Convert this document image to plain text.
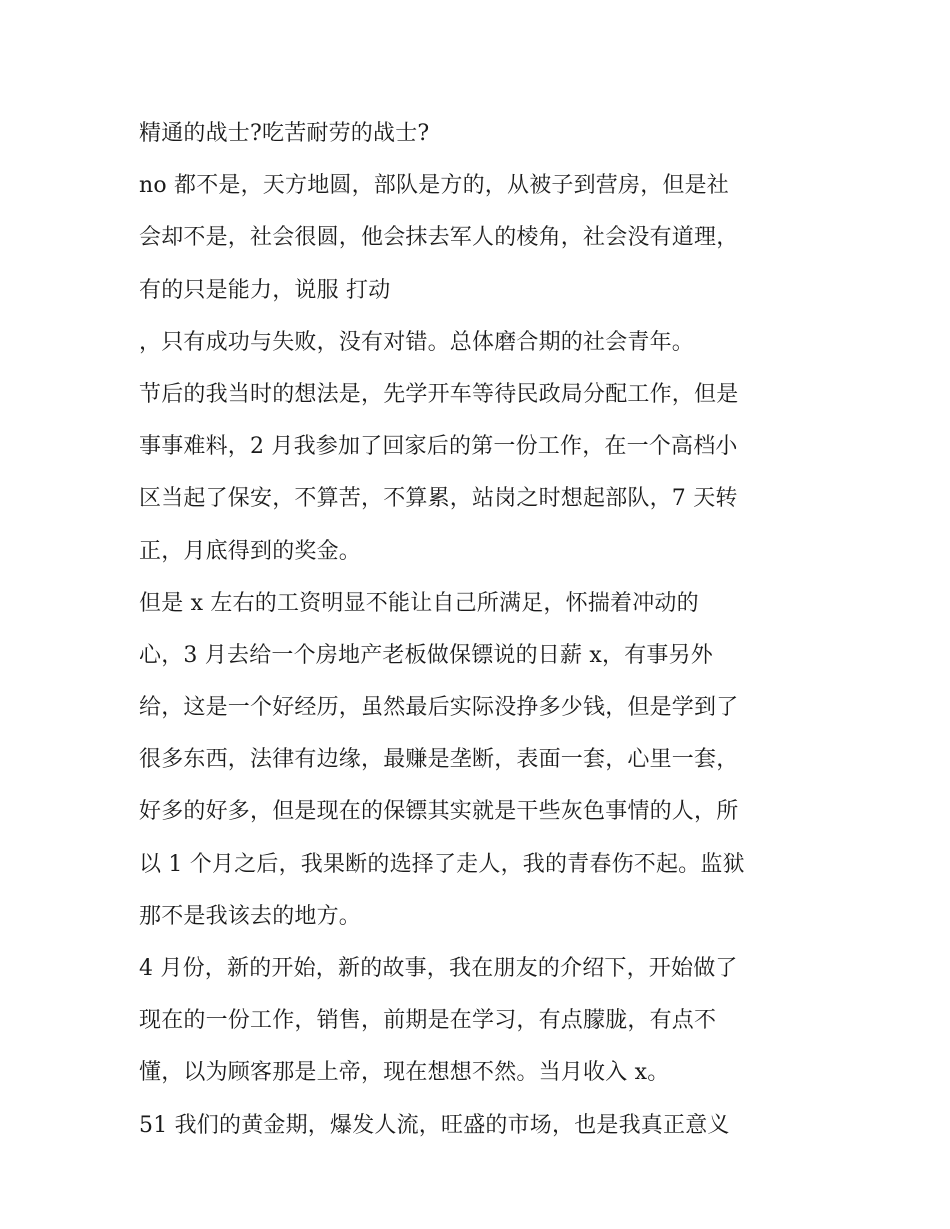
精通的战士?吃苦耐劳的战士?
no 都不是，天方地圆，部队是方的，从被子到营房，但是社
会却不是，社会很圆，他会抹去军人的棱角，社会没有道理，
有的只是能力，说服 打动
，只有成功与失败，没有对错。总体磨合期的社会青年。
节后的我当时的想法是，先学开车等待民政局分配工作，但是
事事难料，2 月我参加了回家后的第一份工作，在一个高档小
区当起了保安，不算苦，不算累，站岗之时想起部队，7 天转
正，月底得到的奖金。
但是 x 左右的工资明显不能让自己所满足，怀揣着冲动的
心，3 月去给一个房地产老板做保镖说的日薪 x，有事另外
给，这是一个好经历，虽然最后实际没挣多少钱，但是学到了
很多东西，法律有边缘，最赚是垄断，表面一套，心里一套，
好多的好多，但是现在的保镖其实就是干些灰色事情的人，所
以 1 个月之后，我果断的选择了走人，我的青春伤不起。监狱
那不是我该去的地方。
4 月份，新的开始，新的故事，我在朋友的介绍下，开始做了
现在的一份工作，销售，前期是在学习，有点朦胧，有点不
懂，以为顾客那是上帝，现在想想不然。当月收入 x。
51 我们的黄金期，爆发人流，旺盛的市场，也是我真正意义
